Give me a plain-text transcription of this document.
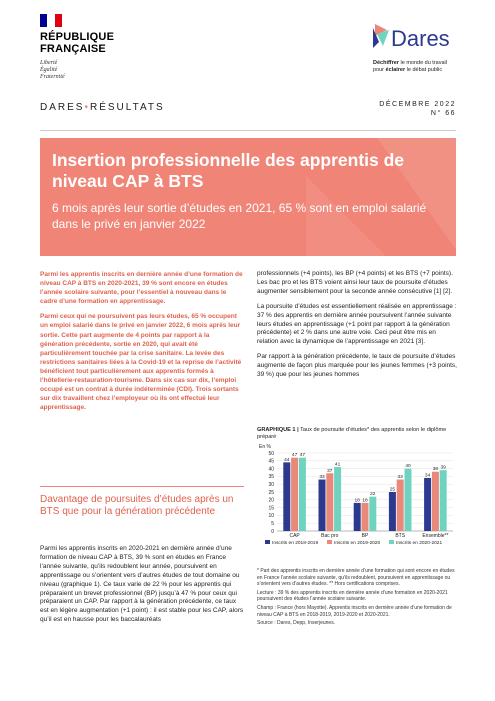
RÉPUBLIQUE
FRANÇAISE
Liberté
Égalité
Fraternité
Dares
Déchiffrer le monde du travail
pour éclairer le débat public
DARES•RÉSULTATS	DÉCEMBRE 2022
N° 66
Insertion professionnelle des apprentis de niveau CAP à BTS
6 mois après leur sortie d’études en 2021, 65 % sont en emploi salarié dans le privé en janvier 2022

Parmi les apprentis inscrits en dernière année d’une formation de niveau CAP à BTS en 2020-2021, 39 % sont encore en études l’année scolaire suivante, pour l’essentiel à nouveau dans le cadre d’une formation en apprentissage.

Parmi ceux qui ne poursuivent pas leurs études, 65 % occupent un emploi salarié dans le privé en janvier 2022, 6 mois après leur sortie. Cette part augmente de 4 points par rapport à la génération précédente, sortie en 2020, qui avait été particulièrement touchée par la crise sanitaire. La levée des restrictions sanitaires liées à la Covid-19 et la reprise de l’activité bénéficient tout particulièrement aux apprentis formés à l’hôtellerie-restauration-tourisme. Dans six cas sur dix, l’emploi occupé est un contrat à durée indéterminée (CDI). Trois sortants sur dix travaillent chez l’employeur où ils ont effectué leur apprentissage.

Davantage de poursuites d’études après un BTS que pour la génération précédente
Parmi les apprentis inscrits en 2020-2021 en dernière année d’une formation de niveau CAP à BTS, 39 % sont en études en France l’année suivante, qu’ils redoublent leur année, poursuivent en apprentissage ou s’orientent vers d’autres études de tout domaine ou niveau (graphique 1). Ce taux varie de 22 % pour les apprentis qui préparaient un brevet professionnel (BP) jusqu’à 47 % pour ceux qui préparaient un CAP. Par rapport à la génération précédente, ce taux est en légère augmentation (+1 point) : il est stable pour les CAP, alors qu’il est en hausse pour les baccalauréats

professionnels (+4 points), les BP (+4 points) et les BTS (+7 points). Les bac pro et les BTS voient ainsi leur taux de poursuite d’études augmenter sensiblement pour la seconde année consécutive [1] [2].

La poursuite d’études est essentiellement réalisée en apprentissage : 37 % des apprentis en dernière année poursuivent l’année suivante leurs études en apprentissage (+1 point par rapport à la génération précédente) et 2 % dans une autre voie. Ceci peut être mis en relation avec la dynamique de l’apprentissage en 2021 [3].

Par rapport à la génération précédente, le taux de poursuite d’études augmente de façon plus marquée pour les jeunes femmes (+3 points, 39 %) que pour les jeunes hommes

GRAPHIQUE 1 | Taux de poursuite d’études* des apprentis selon le diplôme préparé
En %
0
5
10
15
20
25
30
35
40
45
50
44
47 47
CAP
33
37
41
Bac pro
18 18
22
BP
25
33
40
BTS
34
38 39
Ensemble**
Inscrits en 2018-2019	Inscrits en 2019-2020	Inscrits en 2020-2021
* Part des apprentis inscrits en dernière année d’une formation qui sont encore en études en France l’année scolaire suivante, qu’ils redoublent, poursuivent en apprentissage ou s’orientent vers d’autres études. ** Hors certifications comprises.
Lecture : 39 % des apprentis inscrits en dernière année d’une formation en 2020-2021 poursuivent des études l’année scolaire suivante.
Champ : France (hors Mayotte). Apprentis inscrits en dernière année d’une formation de niveau CAP à BTS en 2018-2019, 2019-2020 et 2020-2021.
Source : Dares, Depp, Inserjeunes.
